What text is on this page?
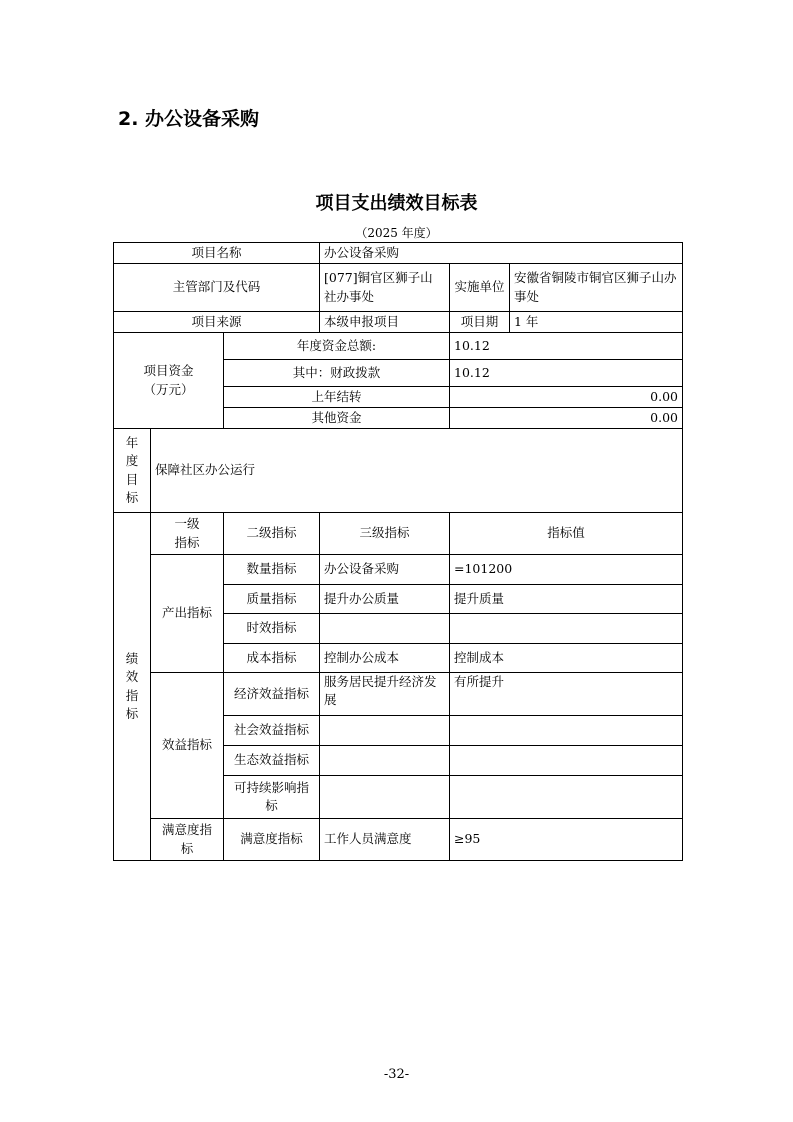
2. 办公设备采购
项目支出绩效目标表
（2025 年度）
项目名称			办公设备采购		
主管部门及代码			[077]铜官区狮子山社办事处	实施单位	安徽省铜陵市铜官区狮子山办事处
项目来源			本级申报项目	项目期	1 年

项目资金
（万元）		年度资金总额:		10.12	
		其中：财政拨款		10.12	
		上年结转		0.00	
		其他资金		0.00	
年度目标	保障社区办公运行				
绩效指标	一级指标	二级指标	三级指标	指标值	
	产出指标	数量指标	办公设备采购	=101200	
		质量指标	提升办公质量	提升质量	
		时效指标			
		成本指标	控制办公成本	控制成本	
	效益指标	经济效益指标	服务居民提升经济发展	有所提升	
		社会效益指标			
		生态效益指标			
		可持续影响指标			
	满意度指标	满意度指标	工作人员满意度	≥95	
-32-
